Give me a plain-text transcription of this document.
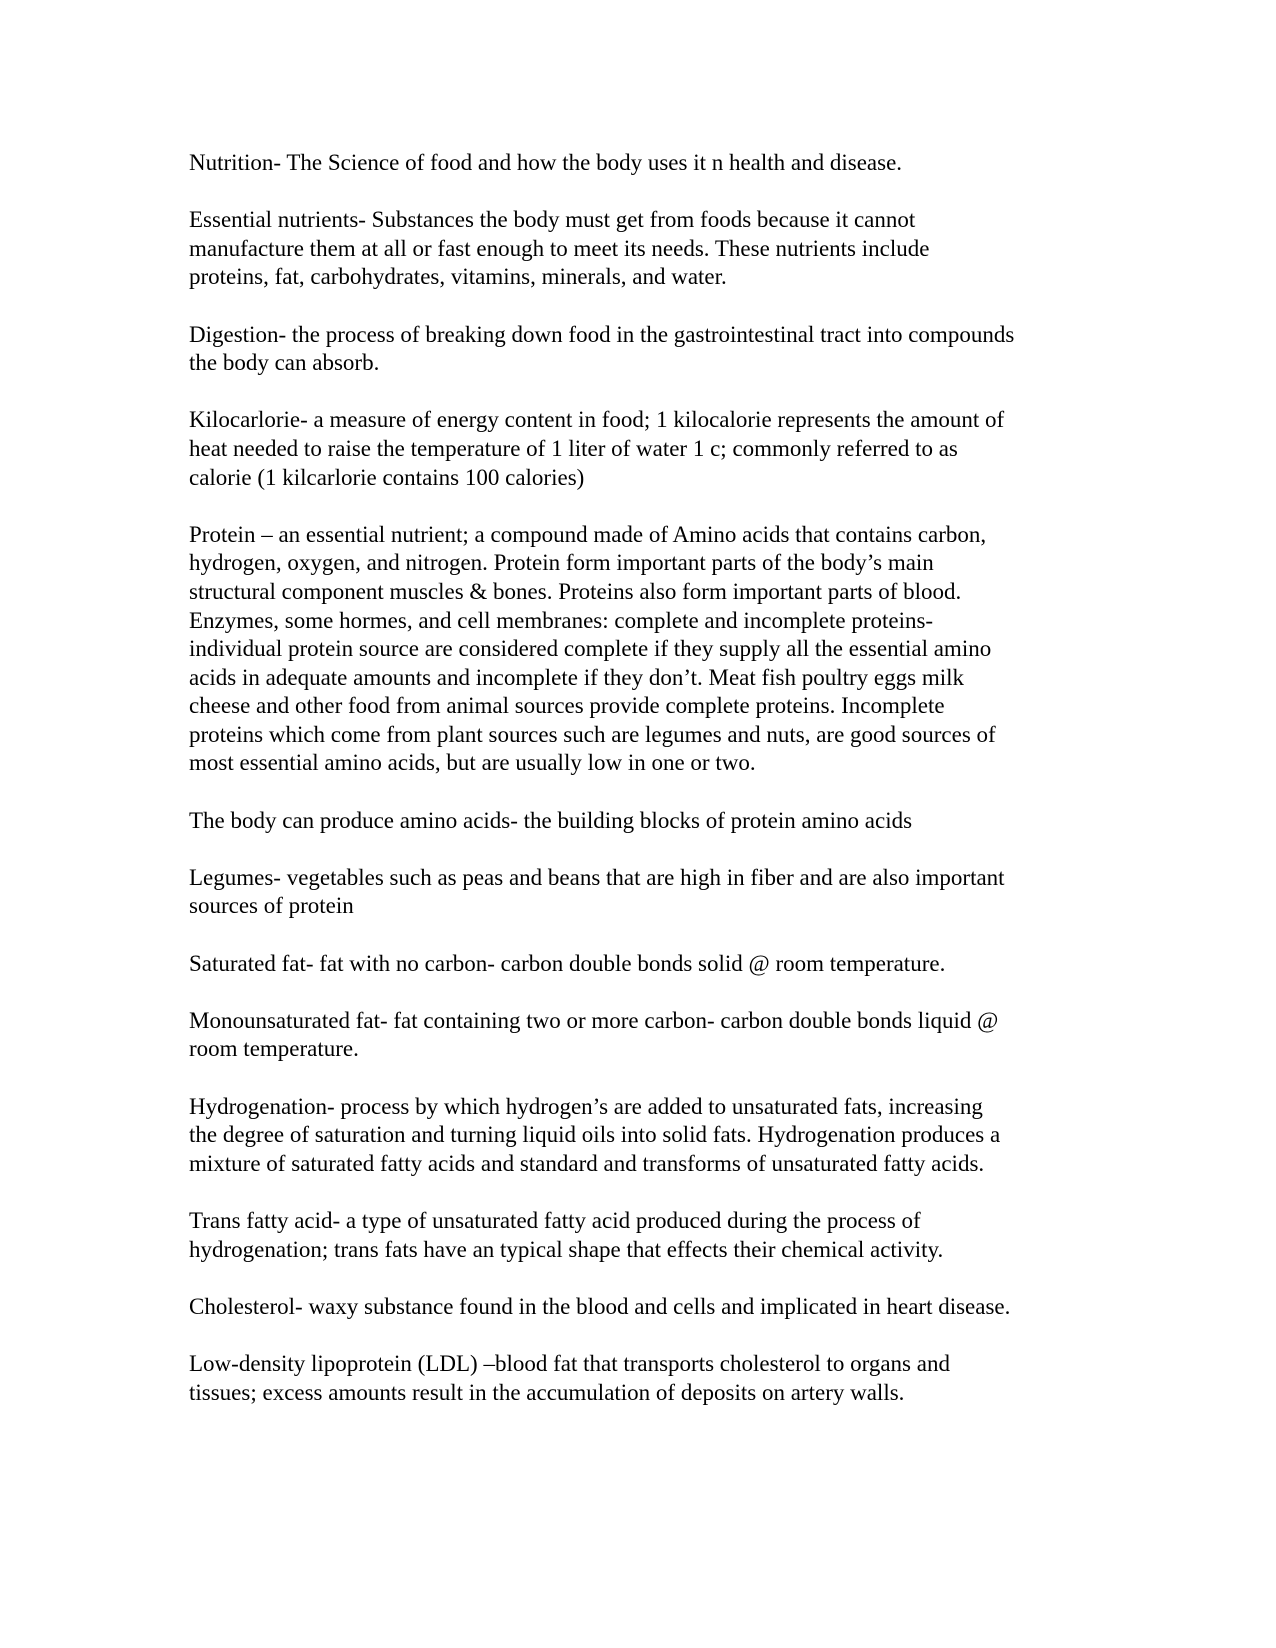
Nutrition- The Science of food and how the body uses it n health and disease.

Essential nutrients- Substances the body must get from foods because it cannot
manufacture them at all or fast enough to meet its needs. These nutrients include
proteins, fat, carbohydrates, vitamins, minerals, and water.

Digestion- the process of breaking down food in the gastrointestinal tract into compounds
the body can absorb.

Kilocarlorie- a measure of energy content in food; 1 kilocalorie represents the amount of
heat needed to raise the temperature of 1 liter of water 1 c; commonly referred to as
calorie (1 kilcarlorie contains 100 calories)

Protein – an essential nutrient; a compound made of Amino acids that contains carbon,
hydrogen, oxygen, and nitrogen. Protein form important parts of the body’s main
structural component muscles & bones. Proteins also form important parts of blood.
Enzymes, some hormes, and cell membranes: complete and incomplete proteins-
individual protein source are considered complete if they supply all the essential amino
acids in adequate amounts and incomplete if they don’t. Meat fish poultry eggs milk
cheese and other food from animal sources provide complete proteins. Incomplete
proteins which come from plant sources such are legumes and nuts, are good sources of
most essential amino acids, but are usually low in one or two.

The body can produce amino acids- the building blocks of protein amino acids

Legumes- vegetables such as peas and beans that are high in fiber and are also important
sources of protein

Saturated fat- fat with no carbon- carbon double bonds solid @ room temperature.

Monounsaturated fat- fat containing two or more carbon- carbon double bonds liquid @
room temperature.

Hydrogenation- process by which hydrogen’s are added to unsaturated fats, increasing
the degree of saturation and turning liquid oils into solid fats. Hydrogenation produces a
mixture of saturated fatty acids and standard and transforms of unsaturated fatty acids.

Trans fatty acid- a type of unsaturated fatty acid produced during the process of
hydrogenation; trans fats have an typical shape that effects their chemical activity.

Cholesterol- waxy substance found in the blood and cells and implicated in heart disease.

Low-density lipoprotein (LDL) –blood fat that transports cholesterol to organs and
tissues; excess amounts result in the accumulation of deposits on artery walls.
